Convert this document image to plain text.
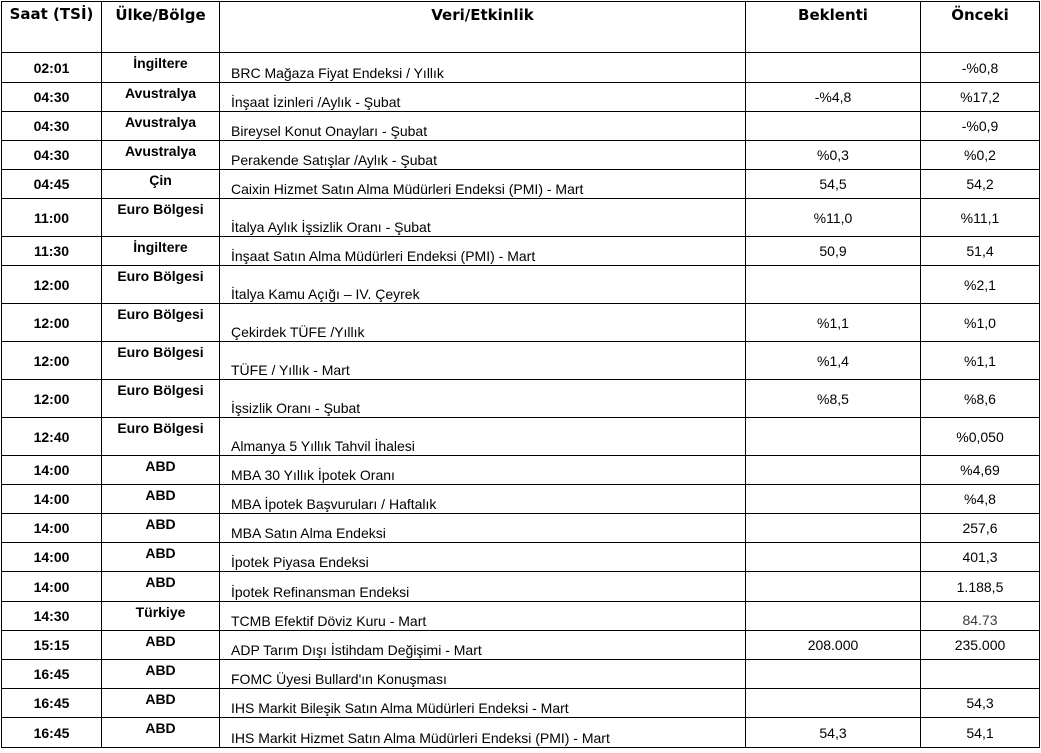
Saat (TSİ)	Ülke/Bölge	Veri/Etkinlik	Beklenti	Önceki
02:01	İngiltere	BRC Mağaza Fiyat Endeksi / Yıllık		-%0,8
04:30	Avustralya	İnşaat İzinleri /Aylık - Şubat	-%4,8	%17,2
04:30	Avustralya	Bireysel Konut Onayları - Şubat		-%0,9
04:30	Avustralya	Perakende Satışlar /Aylık - Şubat	%0,3	%0,2
04:45	Çin	Caixin Hizmet Satın Alma Müdürleri Endeksi (PMI) - Mart	54,5	54,2
11:00	Euro Bölgesi	İtalya Aylık İşsizlik Oranı - Şubat	%11,0	%11,1
11:30	İngiltere	İnşaat Satın Alma Müdürleri Endeksi (PMI) - Mart	50,9	51,4
12:00	Euro Bölgesi	İtalya Kamu Açığı – IV. Çeyrek		%2,1
12:00	Euro Bölgesi	Çekirdek TÜFE /Yıllık	%1,1	%1,0
12:00	Euro Bölgesi	TÜFE / Yıllık - Mart	%1,4	%1,1
12:00	Euro Bölgesi	İşsizlik Oranı - Şubat	%8,5	%8,6
12:40	Euro Bölgesi	Almanya 5 Yıllık Tahvil İhalesi		%0,050
14:00	ABD	MBA 30 Yıllık İpotek Oranı		%4,69
14:00	ABD	MBA İpotek Başvuruları / Haftalık		%4,8
14:00	ABD	MBA Satın Alma Endeksi		257,6
14:00	ABD	İpotek Piyasa Endeksi		401,3
14:00	ABD	İpotek Refinansman Endeksi		1.188,5
14:30	Türkiye	TCMB Efektif Döviz Kuru - Mart		84.73
15:15	ABD	ADP Tarım Dışı İstihdam Değişimi - Mart	208.000	235.000
16:45	ABD	FOMC Üyesi Bullard'ın Konuşması		
16:45	ABD	IHS Markit Bileşik Satın Alma Müdürleri Endeksi - Mart		54,3
16:45	ABD	IHS Markit Hizmet Satın Alma Müdürleri Endeksi (PMI) - Mart	54,3	54,1
